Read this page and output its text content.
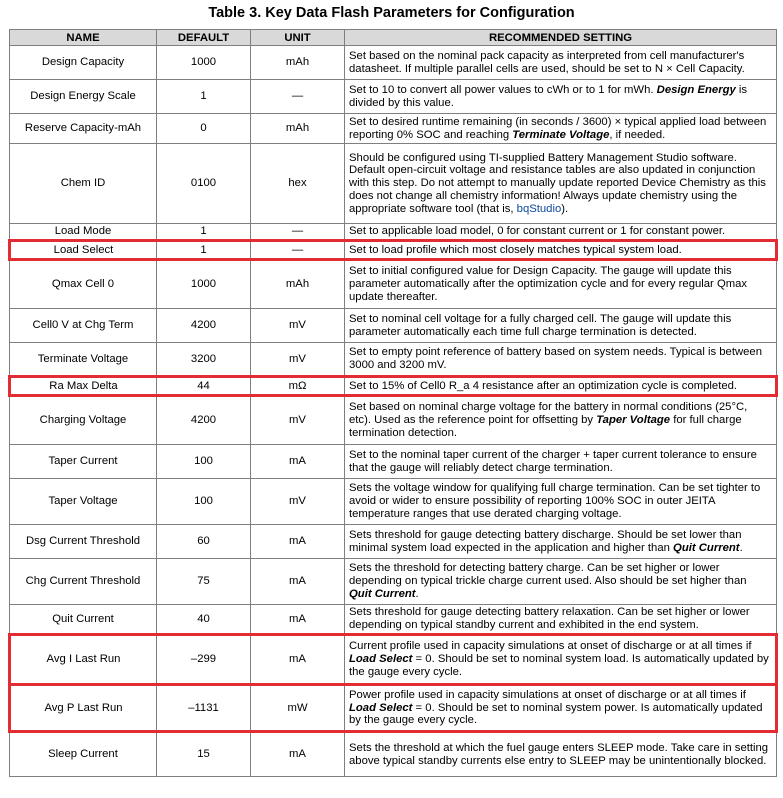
Table 3. Key Data Flash Parameters for Configuration
NAME	DEFAULT	UNIT	RECOMMENDED SETTING
Design Capacity	1000	mAh	Set based on the nominal pack capacity as interpreted from cell manufacturer's datasheet. If multiple parallel cells are used, should be set to N × Cell Capacity.
Design Energy Scale	1	—	Set to 10 to convert all power values to cWh or to 1 for mWh. Design Energy is divided by this value.
Reserve Capacity-mAh	0	mAh	Set to desired runtime remaining (in seconds / 3600) × typical applied load between reporting 0% SOC and reaching Terminate Voltage, if needed.
Chem ID	0100	hex	Should be configured using TI-supplied Battery Management Studio software. Default open-circuit voltage and resistance tables are also updated in conjunction with this step. Do not attempt to manually update reported Device Chemistry as this does not change all chemistry information! Always update chemistry using the appropriate software tool (that is, bqStudio).
Load Mode	1	—	Set to applicable load model, 0 for constant current or 1 for constant power.
Load Select	1	—	Set to load profile which most closely matches typical system load.
Qmax Cell 0	1000	mAh	Set to initial configured value for Design Capacity. The gauge will update this parameter automatically after the optimization cycle and for every regular Qmax update thereafter.
Cell0 V at Chg Term	4200	mV	Set to nominal cell voltage for a fully charged cell. The gauge will update this parameter automatically each time full charge termination is detected.
Terminate Voltage	3200	mV	Set to empty point reference of battery based on system needs. Typical is between 3000 and 3200 mV.
Ra Max Delta	44	mΩ	Set to 15% of Cell0 R_a 4 resistance after an optimization cycle is completed.
Charging Voltage	4200	mV	Set based on nominal charge voltage for the battery in normal conditions (25°C, etc). Used as the reference point for offsetting by Taper Voltage for full charge termination detection.
Taper Current	100	mA	Set to the nominal taper current of the charger + taper current tolerance to ensure that the gauge will reliably detect charge termination.
Taper Voltage	100	mV	Sets the voltage window for qualifying full charge termination. Can be set tighter to avoid or wider to ensure possibility of reporting 100% SOC in outer JEITA temperature ranges that use derated charging voltage.
Dsg Current Threshold	60	mA	Sets threshold for gauge detecting battery discharge. Should be set lower than minimal system load expected in the application and higher than Quit Current.
Chg Current Threshold	75	mA	Sets the threshold for detecting battery charge. Can be set higher or lower depending on typical trickle charge current used. Also should be set higher than Quit Current.
Quit Current	40	mA	Sets threshold for gauge detecting battery relaxation. Can be set higher or lower depending on typical standby current and exhibited in the end system.
Avg I Last Run	–299	mA	Current profile used in capacity simulations at onset of discharge or at all times if Load Select = 0. Should be set to nominal system load. Is automatically updated by the gauge every cycle.
Avg P Last Run	–1131	mW	Power profile used in capacity simulations at onset of discharge or at all times if Load Select = 0. Should be set to nominal system power. Is automatically updated by the gauge every cycle.
Sleep Current	15	mA	Sets the threshold at which the fuel gauge enters SLEEP mode. Take care in setting above typical standby currents else entry to SLEEP may be unintentionally blocked.
